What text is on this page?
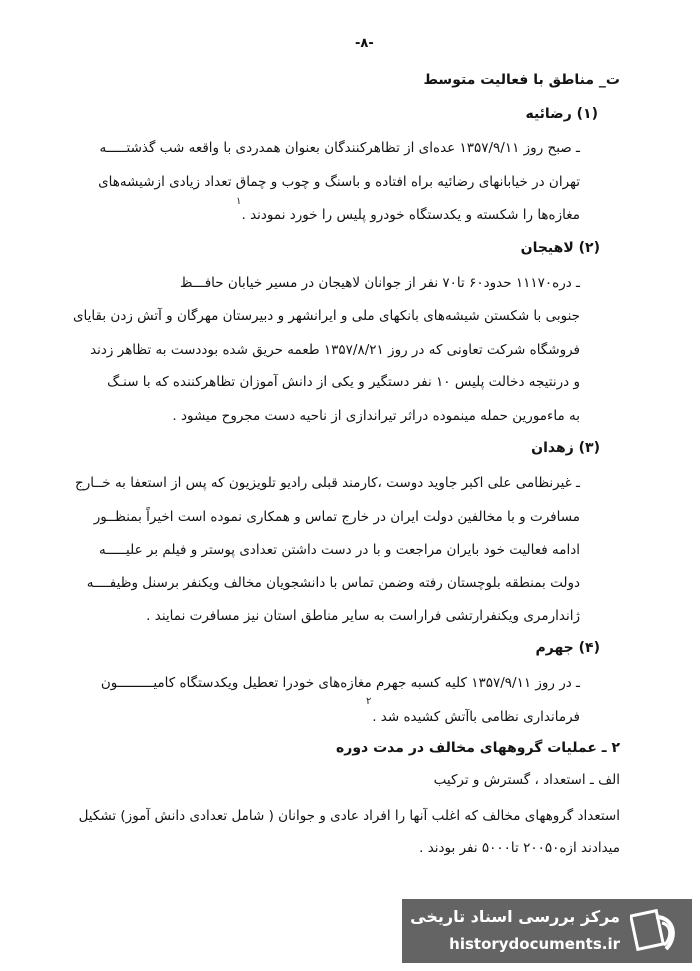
-۸-
ت_ مناطق با فعالیت متوسط
(۱) رضائیه
ـ صبح روز ۱۳۵۷/۹/۱۱ عده‌ای از تظاهرکنندگان بعنوان همدردی با واقعه شب گذشتـــــه
تهران در خیابانهای رضائیه براه افتاده و باسنگ و چوب و چماق تعداد زیادی ازشیشه‌های
مغازه‌ها را شکسته و یکدستگاه خودرو پلیس را خورد نمودند .
۱
(۲) لاهیجان
ـ دره۱۱۱۷۰ حدود۶۰ تا۷۰ نفر از جوانان لاهیجان در مسیر خیابان حافـــظ
جنوبی با شکستن شیشه‌های بانکهای ملی و ایرانشهر و دبیرستان مهرگان و آتش زدن بقایای
فروشگاه شرکت تعاونی که در روز ۱۳۵۷/۸/۲۱ طعمه حریق شده بوددست به تظاهر زدند
و درنتیجه دخالت پلیس ۱۰ نفر دستگیر و یکی از دانش آموزان تظاهرکننده که با سنـگ
به ماءمورین حمله مینموده دراثر تیراندازی از ناحیه دست مجروح میشود .
(۳) زهدان
ـ غیرنظامی علی اکبر جاوید دوست ،کارمند قبلی رادیو تلویزیون که پس از استعفا به خــارج
مسافرت و با مخالفین دولت ایران در خارج تماس و همکاری نموده است اخیراً بمنظــور
ادامه فعالیت خود بایران مراجعت و با در دست داشتن تعدادی پوستر و فیلم بر علیـــــه
دولت بمنطقه بلوچستان رفته وضمن تماس با دانشجویان مخالف ویکنفر برسنل وظیفــــه
ژاندارمری ویکنفرارتشی فراراست به سایر مناطق استان نیز مسافرت نمایند .
(۴) جهرم
ـ در روز ۱۳۵۷/۹/۱۱ کلیه کسبه جهرم مغازه‌های خودرا تعطیل ویکدستگاه کامیـــــــــون
فرمانداری نظامی باآتش کشیده شد .
۲
۲ ـ عملیات گروههای مخالف در مدت دوره
الف ـ استعداد ، گسترش و ترکیب
استعداد گروههای مخالف که اغلب آنها را افراد عادی و جوانان ( شامل تعدادی دانش آموز) تشکیل
میدادند ازه۲۰۰۵۰ تا۵۰۰۰ نفر بودند .
مرکز بررسی اسناد تاریخی
historydocuments.ir
